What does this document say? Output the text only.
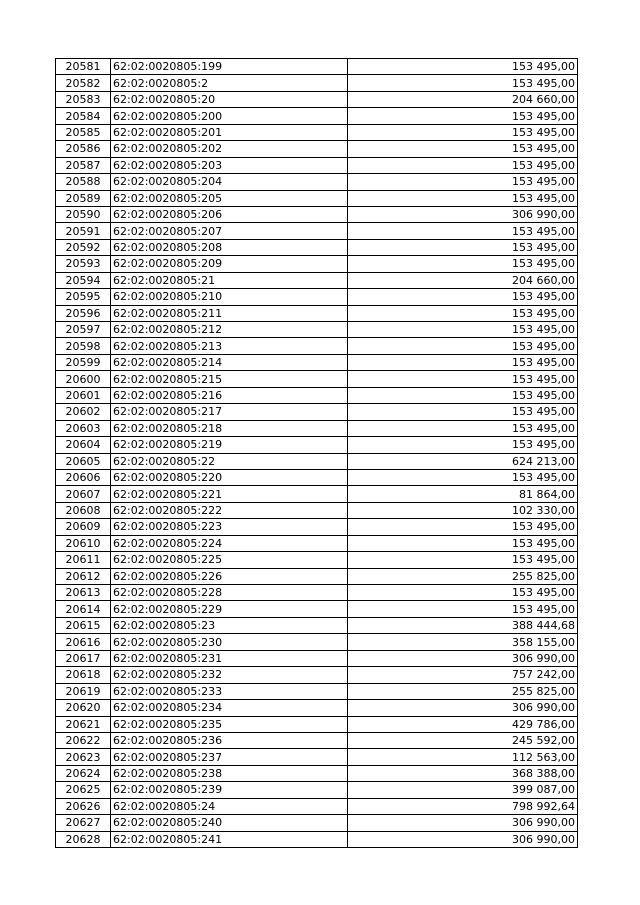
20581	62:02:0020805:199	153 495,00
20582	62:02:0020805:2	153 495,00
20583	62:02:0020805:20	204 660,00
20584	62:02:0020805:200	153 495,00
20585	62:02:0020805:201	153 495,00
20586	62:02:0020805:202	153 495,00
20587	62:02:0020805:203	153 495,00
20588	62:02:0020805:204	153 495,00
20589	62:02:0020805:205	153 495,00
20590	62:02:0020805:206	306 990,00
20591	62:02:0020805:207	153 495,00
20592	62:02:0020805:208	153 495,00
20593	62:02:0020805:209	153 495,00
20594	62:02:0020805:21	204 660,00
20595	62:02:0020805:210	153 495,00
20596	62:02:0020805:211	153 495,00
20597	62:02:0020805:212	153 495,00
20598	62:02:0020805:213	153 495,00
20599	62:02:0020805:214	153 495,00
20600	62:02:0020805:215	153 495,00
20601	62:02:0020805:216	153 495,00
20602	62:02:0020805:217	153 495,00
20603	62:02:0020805:218	153 495,00
20604	62:02:0020805:219	153 495,00
20605	62:02:0020805:22	624 213,00
20606	62:02:0020805:220	153 495,00
20607	62:02:0020805:221	81 864,00
20608	62:02:0020805:222	102 330,00
20609	62:02:0020805:223	153 495,00
20610	62:02:0020805:224	153 495,00
20611	62:02:0020805:225	153 495,00
20612	62:02:0020805:226	255 825,00
20613	62:02:0020805:228	153 495,00
20614	62:02:0020805:229	153 495,00
20615	62:02:0020805:23	388 444,68
20616	62:02:0020805:230	358 155,00
20617	62:02:0020805:231	306 990,00
20618	62:02:0020805:232	757 242,00
20619	62:02:0020805:233	255 825,00
20620	62:02:0020805:234	306 990,00
20621	62:02:0020805:235	429 786,00
20622	62:02:0020805:236	245 592,00
20623	62:02:0020805:237	112 563,00
20624	62:02:0020805:238	368 388,00
20625	62:02:0020805:239	399 087,00
20626	62:02:0020805:24	798 992,64
20627	62:02:0020805:240	306 990,00
20628	62:02:0020805:241	306 990,00
